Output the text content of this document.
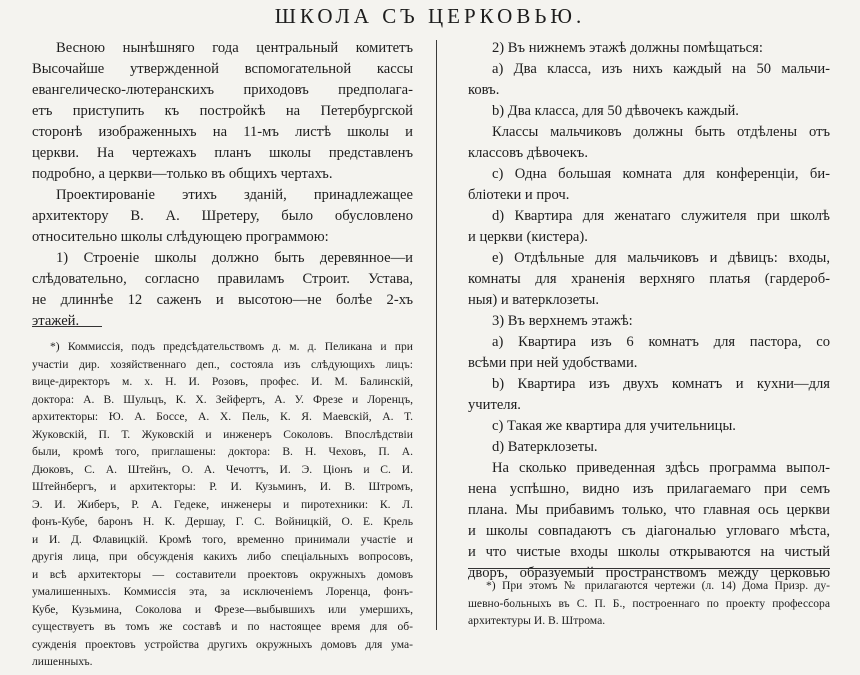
ШКОЛА СЪ ЦЕРКОВЬЮ.

Весною нынѣшняго года центральный комитетъ

Высочайше утвержденной вспомогательной кассы

евангелическо-лютеранскихъ приходовъ предполага-

етъ приступить къ постройкѣ на Петербургской

сторонѣ изображенныхъ на 11-мъ листѣ школы и

церкви. На чертежахъ планъ школы представленъ

подробно, а церкви—только въ общихъ чертахъ.

Проектированіе этихъ зданій, принадлежащее

архитектору В. А. Шретеру, было обусловлено

относительно школы слѣдующею программою:

1) Строеніе школы должно быть деревянное—и

слѣдовательно, согласно правиламъ Строит. Устава,

не длиннѣе 12 саженъ и высотою—не болѣе 2-хъ

этажей.

*) Коммиссія, подъ предсѣдательствомъ д. м. д. Пеликана и при

участіи дир. хозяйственнаго деп., состояла изъ слѣдующихъ лицъ:

вице-директоръ м. х. Н. И. Розовъ, профес. И. М. Балинскій,

доктора: А. В. Шульцъ, К. Х. Зейфертъ, А. У. Фрезе и Лоренцъ,

архитекторы: Ю. А. Боссе, А. Х. Пель, К. Я. Маевскій, А. Т.

Жуковскій, П. Т. Жуковскій и инженеръ Соколовъ. Впослѣдствіи

были, кромѣ того, приглашены: доктора: В. Н. Чеховъ, П. А.

Дюковъ, С. А. Штейнъ, О. А. Чечоттъ, И. Э. Ціонъ и С. И.

Штейнбергъ, и архитекторы: Р. И. Кузьминъ, И. В. Штромъ,

Э. И. Жиберъ, Р. А. Гедеке, инженеры и пиротехники: К. Л.

фонъ-Кубе, баронъ Н. К. Дершау, Г. С. Войницкій, О. Е. Крель

и И. Д. Флавицкій. Кромѣ того, временно принимали участіе и

другія лица, при обсужденія какихъ либо спеціальныхъ вопросовъ,

и всѣ архитекторы — составители проектовъ окружныхъ домовъ

умалишенныхъ. Коммиссія эта, за исключеніемъ Лоренца, фонъ-

Кубе, Кузьмина, Соколова и Фрезе—выбывшихъ или умершихъ,

существуетъ въ томъ же составѣ и по настоящее время для об-

сужденія проектовъ устройства другихъ окружныхъ домовъ для ума-

лишенныхъ.

2) Въ нижнемъ этажѣ должны помѣщаться:

a) Два класса, изъ нихъ каждый на 50 мальчи-

ковъ.

b) Два класса, для 50 дѣвочекъ каждый.

Классы мальчиковъ должны быть отдѣлены отъ

классовъ дѣвочекъ.

c) Одна большая комната для конференціи, би-

бліотеки и проч.

d) Квартира для женатаго служителя при школѣ

и церкви (кистера).

e) Отдѣльные для мальчиковъ и дѣвицъ: входы,

комнаты для храненія верхняго платья (гардероб-

ныя) и ватерклозеты.

3) Въ верхнемъ этажѣ:

a) Квартира изъ 6 комнатъ для пастора, со

всѣми при ней удобствами.

b) Квартира изъ двухъ комнатъ и кухни—для

учителя.

c) Такая же квартира для учительницы.

d) Ватерклозеты.

На сколько приведенная здѣсь программа выпол-

нена успѣшно, видно изъ прилагаемаго при семъ

плана. Мы прибавимъ только, что главная ось церкви

и школы совпадаютъ съ діагональю угловаго мѣста,

и что чистые входы школы открываются на чистый

дворъ, образуемый пространствомъ между церковью

*) При этомъ № прилагаются чертежи (л. 14) Дома Призр. ду-

шевно-больныхъ въ С. П. Б., построеннаго по проекту профессора

архитектуры И. В. Штрома.
